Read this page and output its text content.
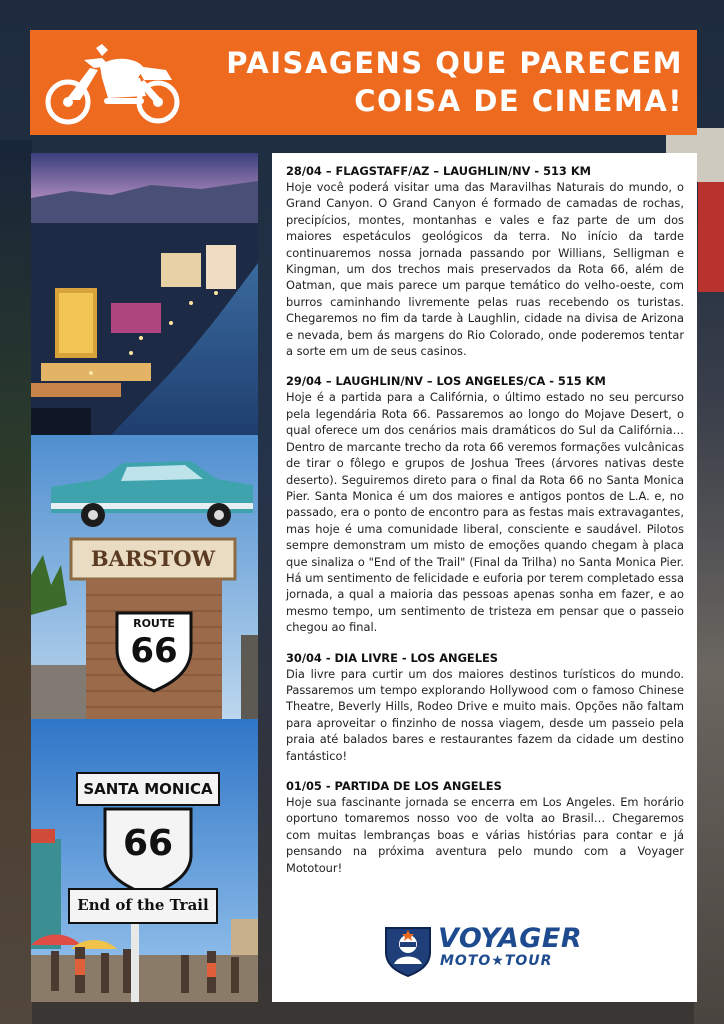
PAISAGENS QUE PARECEM
COISA DE CINEMA!
BARSTOW
ROUTE
66
SANTA MONICA
66
End of the Trail
28/04 – FLAGSTAFF/AZ – LAUGHLIN/NV - 513 KM
Hoje você poderá visitar uma das Maravilhas Naturais do mundo, o Grand Canyon. O Grand Canyon é formado de camadas de rochas, precipícios, montes, montanhas e vales e faz parte de um dos maiores espetáculos geológicos da terra. No início da tarde continuaremos nossa jornada passando por Willians, Selligman e Kingman, um dos trechos mais preservados da Rota 66, além de Oatman, que mais parece um parque temático do velho-oeste, com burros caminhando livremente pelas ruas recebendo os turistas. Chegaremos no fim da tarde à Laughlin, cidade na divisa de Arizona e nevada, bem ás margens do Rio Colorado, onde poderemos tentar a sorte em um de seus casinos.
29/04 – LAUGHLIN/NV – LOS ANGELES/CA - 515 KM
Hoje é a partida para a Califórnia, o último estado no seu percurso pela legendária Rota 66. Passaremos ao longo do Mojave Desert, o qual oferece um dos cenários mais dramáticos do Sul da Califórnia… Dentro de marcante trecho da rota 66 veremos formações vulcânicas de tirar o fôlego e grupos de Joshua Trees (árvores nativas deste deserto). Seguiremos direto para o final da Rota 66 no Santa Monica Pier. Santa Monica é um dos maiores e antigos pontos de L.A. e, no passado, era o ponto de encontro para as festas mais extravagantes, mas hoje é uma comunidade liberal, consciente e saudável. Pilotos sempre demonstram um misto de emoções quando chegam à placa que sinaliza o "End of the Trail" (Final da Trilha) no Santa Monica Pier. Há um sentimento de felicidade e euforia por terem completado essa jornada, a qual a maioria das pessoas apenas sonha em fazer, e ao mesmo tempo, um sentimento de tristeza em pensar que o passeio chegou ao final.
30/04 - DIA LIVRE - LOS ANGELES
Dia livre para curtir um dos maiores destinos turísticos do mundo. Passaremos um tempo explorando Hollywood com o famoso Chinese Theatre, Beverly Hills, Rodeo Drive e muito mais. Opções não faltam para aproveitar o finzinho de nossa viagem, desde um passeio pela praia até balados bares e restaurantes fazem da cidade um destino fantástico!
01/05 - PARTIDA DE LOS ANGELES
Hoje sua fascinante jornada se encerra em Los Angeles. Em horário oportuno tomaremos nosso voo de volta ao Brasil… Chegaremos com muitas lembranças boas e várias histórias para contar e já pensando na próxima aventura pelo mundo com a Voyager Mototour!
VOYAGER
MOTO★TOUR
